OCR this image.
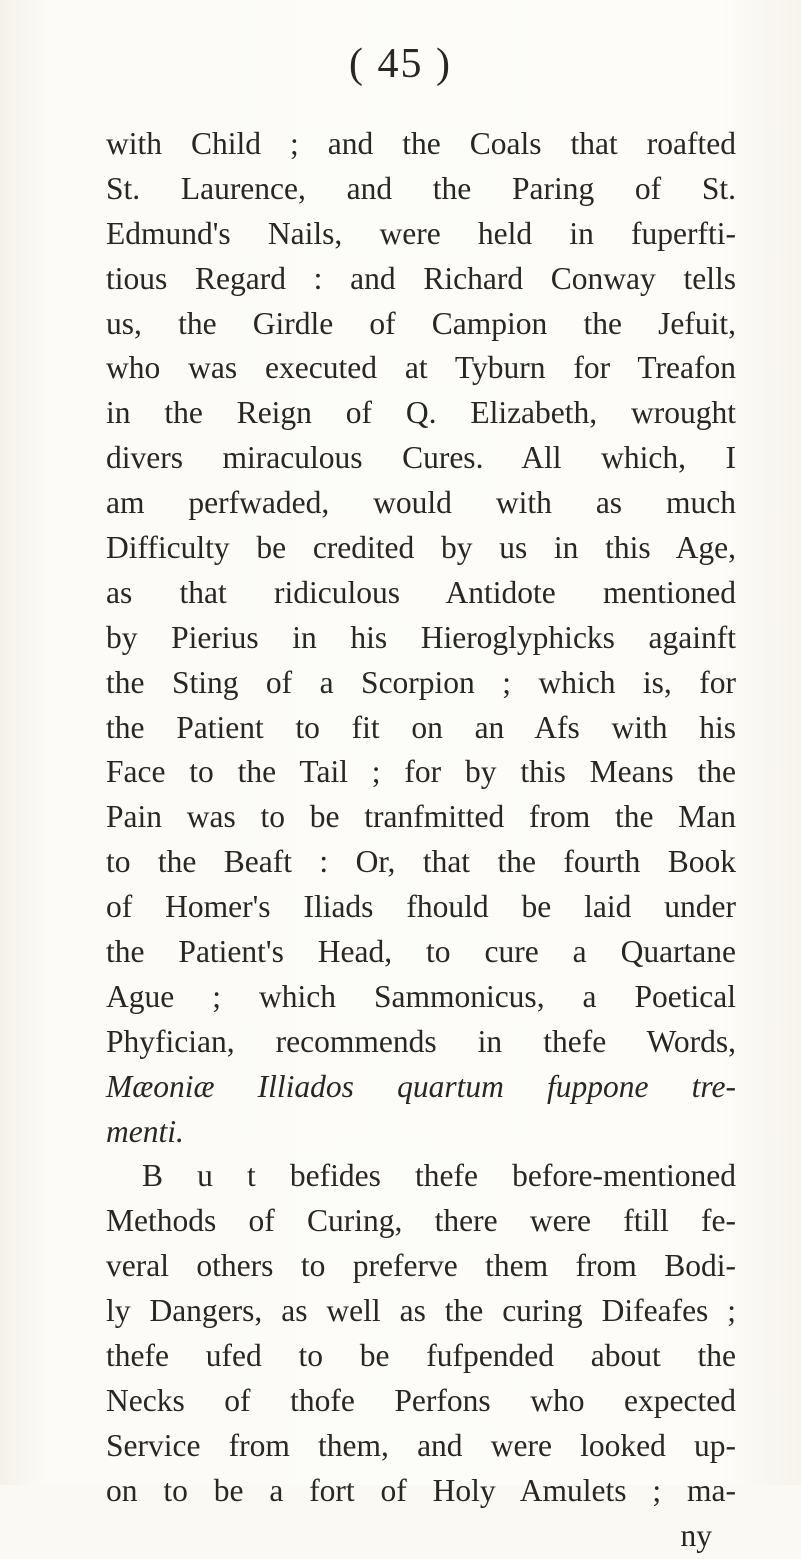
( 45 )
with Child ; and the Coals that roafted
St. Laurence, and the Paring of St.
Edmund's Nails, were held in fuperfti-
tious Regard : and Richard Conway tells
us, the Girdle of Campion the Jefuit,
who was executed at Tyburn for Treafon
in the Reign of Q. Elizabeth, wrought
divers miraculous Cures. All which, I
am perfwaded, would with as much
Difficulty be credited by us in this Age,
as that ridiculous Antidote mentioned
by Pierius in his Hieroglyphicks againft
the Sting of a Scorpion ; which is, for
the Patient to fit on an Afs with his
Face to the Tail ; for by this Means the
Pain was to be tranfmitted from the Man
to the Beaft : Or, that the fourth Book
of Homer's Iliads fhould be laid under
the Patient's Head, to cure a Quartane
Ague ; which Sammonicus, a Poetical
Phyfician, recommends in thefe Words,
Mæoniæ Illiados quartum fuppone tre-
menti.
B u t befides thefe before-mentioned
Methods of Curing, there were ftill fe-
veral others to preferve them from Bodi-
ly Dangers, as well as the curing Difeafes ;
thefe ufed to be fufpended about the
Necks of thofe Perfons who expected
Service from them, and were looked up-
on to be a fort of Holy Amulets ; ma-
ny
